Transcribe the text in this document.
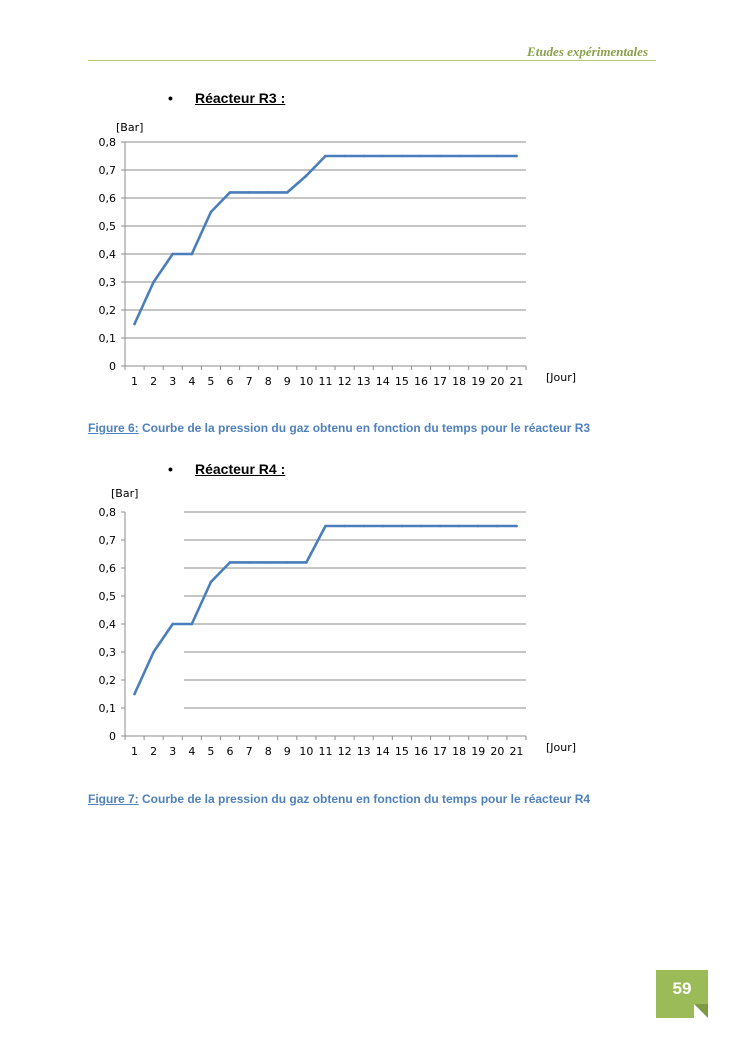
Etudes expérimentales
• Réacteur R3 :
0
0,1
0,2
0,3
0,4
0,5
0,6
0,7
0,8
1 2 3 4 5 6 7 8 9 10 11 12 13 14 15 16 17 18 19 20 21
[Bar]
[Jour]
Figure 6: Courbe de la pression du gaz obtenu en fonction du temps pour le réacteur R3
• Réacteur R4 :
0
0,1
0,2
0,3
0,4
0,5
0,6
0,7
0,8
1 2 3 4 5 6 7 8 9 10 11 12 13 14 15 16 17 18 19 20 21
[Bar]
[Jour]
Figure 7: Courbe de la pression du gaz obtenu en fonction du temps pour le réacteur R4
59
